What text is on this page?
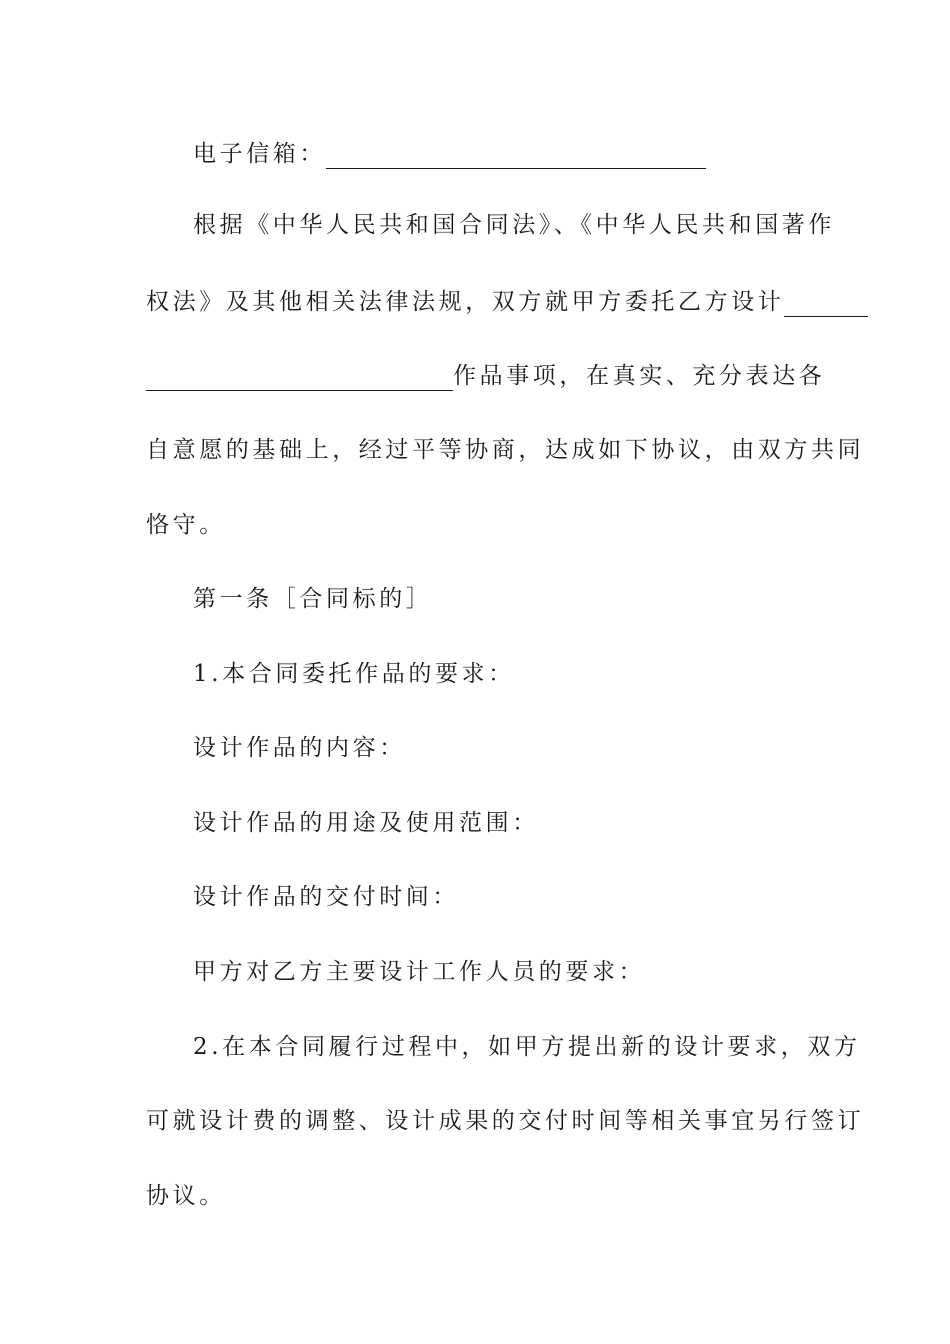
电子信箱：
根据《中华人民共和国合同法》、《中华人民共和国著作
权法》及其他相关法律法规，双方就甲方委托乙方设计
作品事项，在真实、充分表达各
自意愿的基础上，经过平等协商，达成如下协议，由双方共同
恪守。
第一条［合同标的］
1.本合同委托作品的要求：
设计作品的内容：
设计作品的用途及使用范围：
设计作品的交付时间：
甲方对乙方主要设计工作人员的要求：
2.在本合同履行过程中，如甲方提出新的设计要求，双方
可就设计费的调整、设计成果的交付时间等相关事宜另行签订
协议。
